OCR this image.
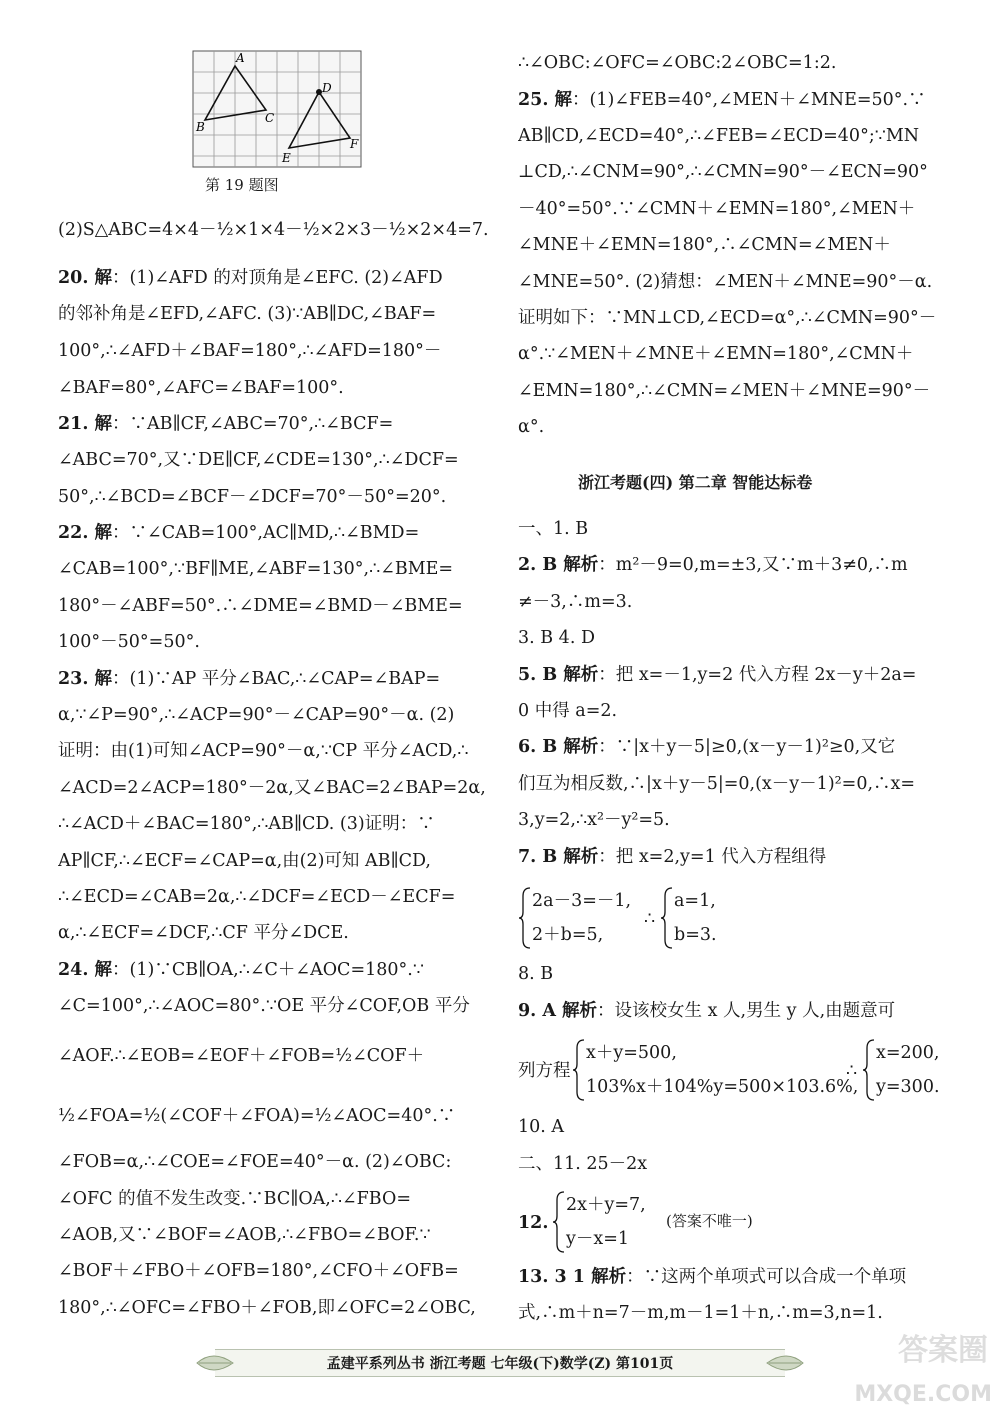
A
B
C
D
E
F
第 19 题图
(2)S△ABC=4×4－½×1×4－½×2×3－½×2×4=7.
20. 解：(1)∠AFD 的对顶角是∠EFC. (2)∠AFD
的邻补角是∠EFD,∠AFC. (3)∵AB∥DC,∠BAF=
100°,∴∠AFD＋∠BAF=180°,∴∠AFD=180°－
∠BAF=80°,∠AFC=∠BAF=100°.
21. 解：∵AB∥CF,∠ABC=70°,∴∠BCF=
∠ABC=70°,又∵DE∥CF,∠CDE=130°,∴∠DCF=
50°,∴∠BCD=∠BCF－∠DCF=70°－50°=20°.
22. 解：∵∠CAB=100°,AC∥MD,∴∠BMD=
∠CAB=100°,∵BF∥ME,∠ABF=130°,∴∠BME=
180°－∠ABF=50°.∴∠DME=∠BMD－∠BME=
100°－50°=50°.
23. 解：(1)∵AP 平分∠BAC,∴∠CAP=∠BAP=
α,∵∠P=90°,∴∠ACP=90°－∠CAP=90°－α. (2)
证明：由(1)可知∠ACP=90°－α,∵CP 平分∠ACD,∴
∠ACD=2∠ACP=180°－2α,又∠BAC=2∠BAP=2α,
∴∠ACD＋∠BAC=180°,∴AB∥CD. (3)证明：∵
AP∥CF,∴∠ECF=∠CAP=α,由(2)可知 AB∥CD,
∴∠ECD=∠CAB=2α,∴∠DCF=∠ECD－∠ECF=
α,∴∠ECF=∠DCF,∴CF 平分∠DCE.
24. 解：(1)∵CB∥OA,∴∠C＋∠AOC=180°.∵
∠C=100°,∴∠AOC=80°.∵OE 平分∠COF,OB 平分
∠AOF.∴∠EOB=∠EOF＋∠FOB=½∠COF＋
½∠FOA=½(∠COF＋∠FOA)=½∠AOC=40°.∵
∠FOB=α,∴∠COE=∠FOE=40°－α. (2)∠OBC:
∠OFC 的值不发生改变.∵BC∥OA,∴∠FBO=
∠AOB,又∵∠BOF=∠AOB,∴∠FBO=∠BOF.∵
∠BOF＋∠FBO＋∠OFB=180°,∠CFO＋∠OFB=
180°,∴∠OFC=∠FBO＋∠FOB,即∠OFC=2∠OBC,
∴∠OBC:∠OFC=∠OBC:2∠OBC=1:2.
25. 解：(1)∠FEB=40°,∠MEN＋∠MNE=50°.∵
AB∥CD,∠ECD=40°,∴∠FEB=∠ECD=40°;∵MN
⊥CD,∴∠CNM=90°,∴∠CMN=90°－∠ECN=90°
－40°=50°.∵∠CMN＋∠EMN=180°,∠MEN＋
∠MNE＋∠EMN=180°,∴∠CMN=∠MEN＋
∠MNE=50°. (2)猜想：∠MEN＋∠MNE=90°－α.
证明如下：∵MN⊥CD,∠ECD=α°,∴∠CMN=90°－
α°.∵∠MEN＋∠MNE＋∠EMN=180°,∠CMN＋
∠EMN=180°,∴∠CMN=∠MEN＋∠MNE=90°－
α°.
浙江考题(四) 第二章 智能达标卷
一、1. B
2. B 解析：m²－9=0,m=±3,又∵m＋3≠0,∴m
≠－3,∴m=3.
3. B 4. D
5. B 解析：把 x=－1,y=2 代入方程 2x－y＋2a=
0 中得 a=2.
6. B 解析：∵|x＋y－5|≥0,(x－y－1)²≥0,又它
们互为相反数,∴|x＋y－5|=0,(x－y－1)²=0,∴x=
3,y=2,∴x²－y²=5.
7. B 解析：把 x=2,y=1 代入方程组得
2a－3=－1,
2＋b=5,
∴
a=1,
b=3.
8. B
9. A 解析：设该校女生 x 人,男生 y 人,由题意可
列方程
x＋y=500,
103%x＋104%y=500×103.6%,
∴
x=200,
y=300.
10. A
二、11. 25－2x
12.
2x＋y=7,
y－x=1
(答案不唯一)
13. 3 1 解析：∵这两个单项式可以合成一个单项
式,∴m＋n=7－m,m－1=1＋n,∴m=3,n=1.
孟建平系列丛书 浙江考题 七年级(下)数学(Z) 第101页	答案圈
MXQE.COM
